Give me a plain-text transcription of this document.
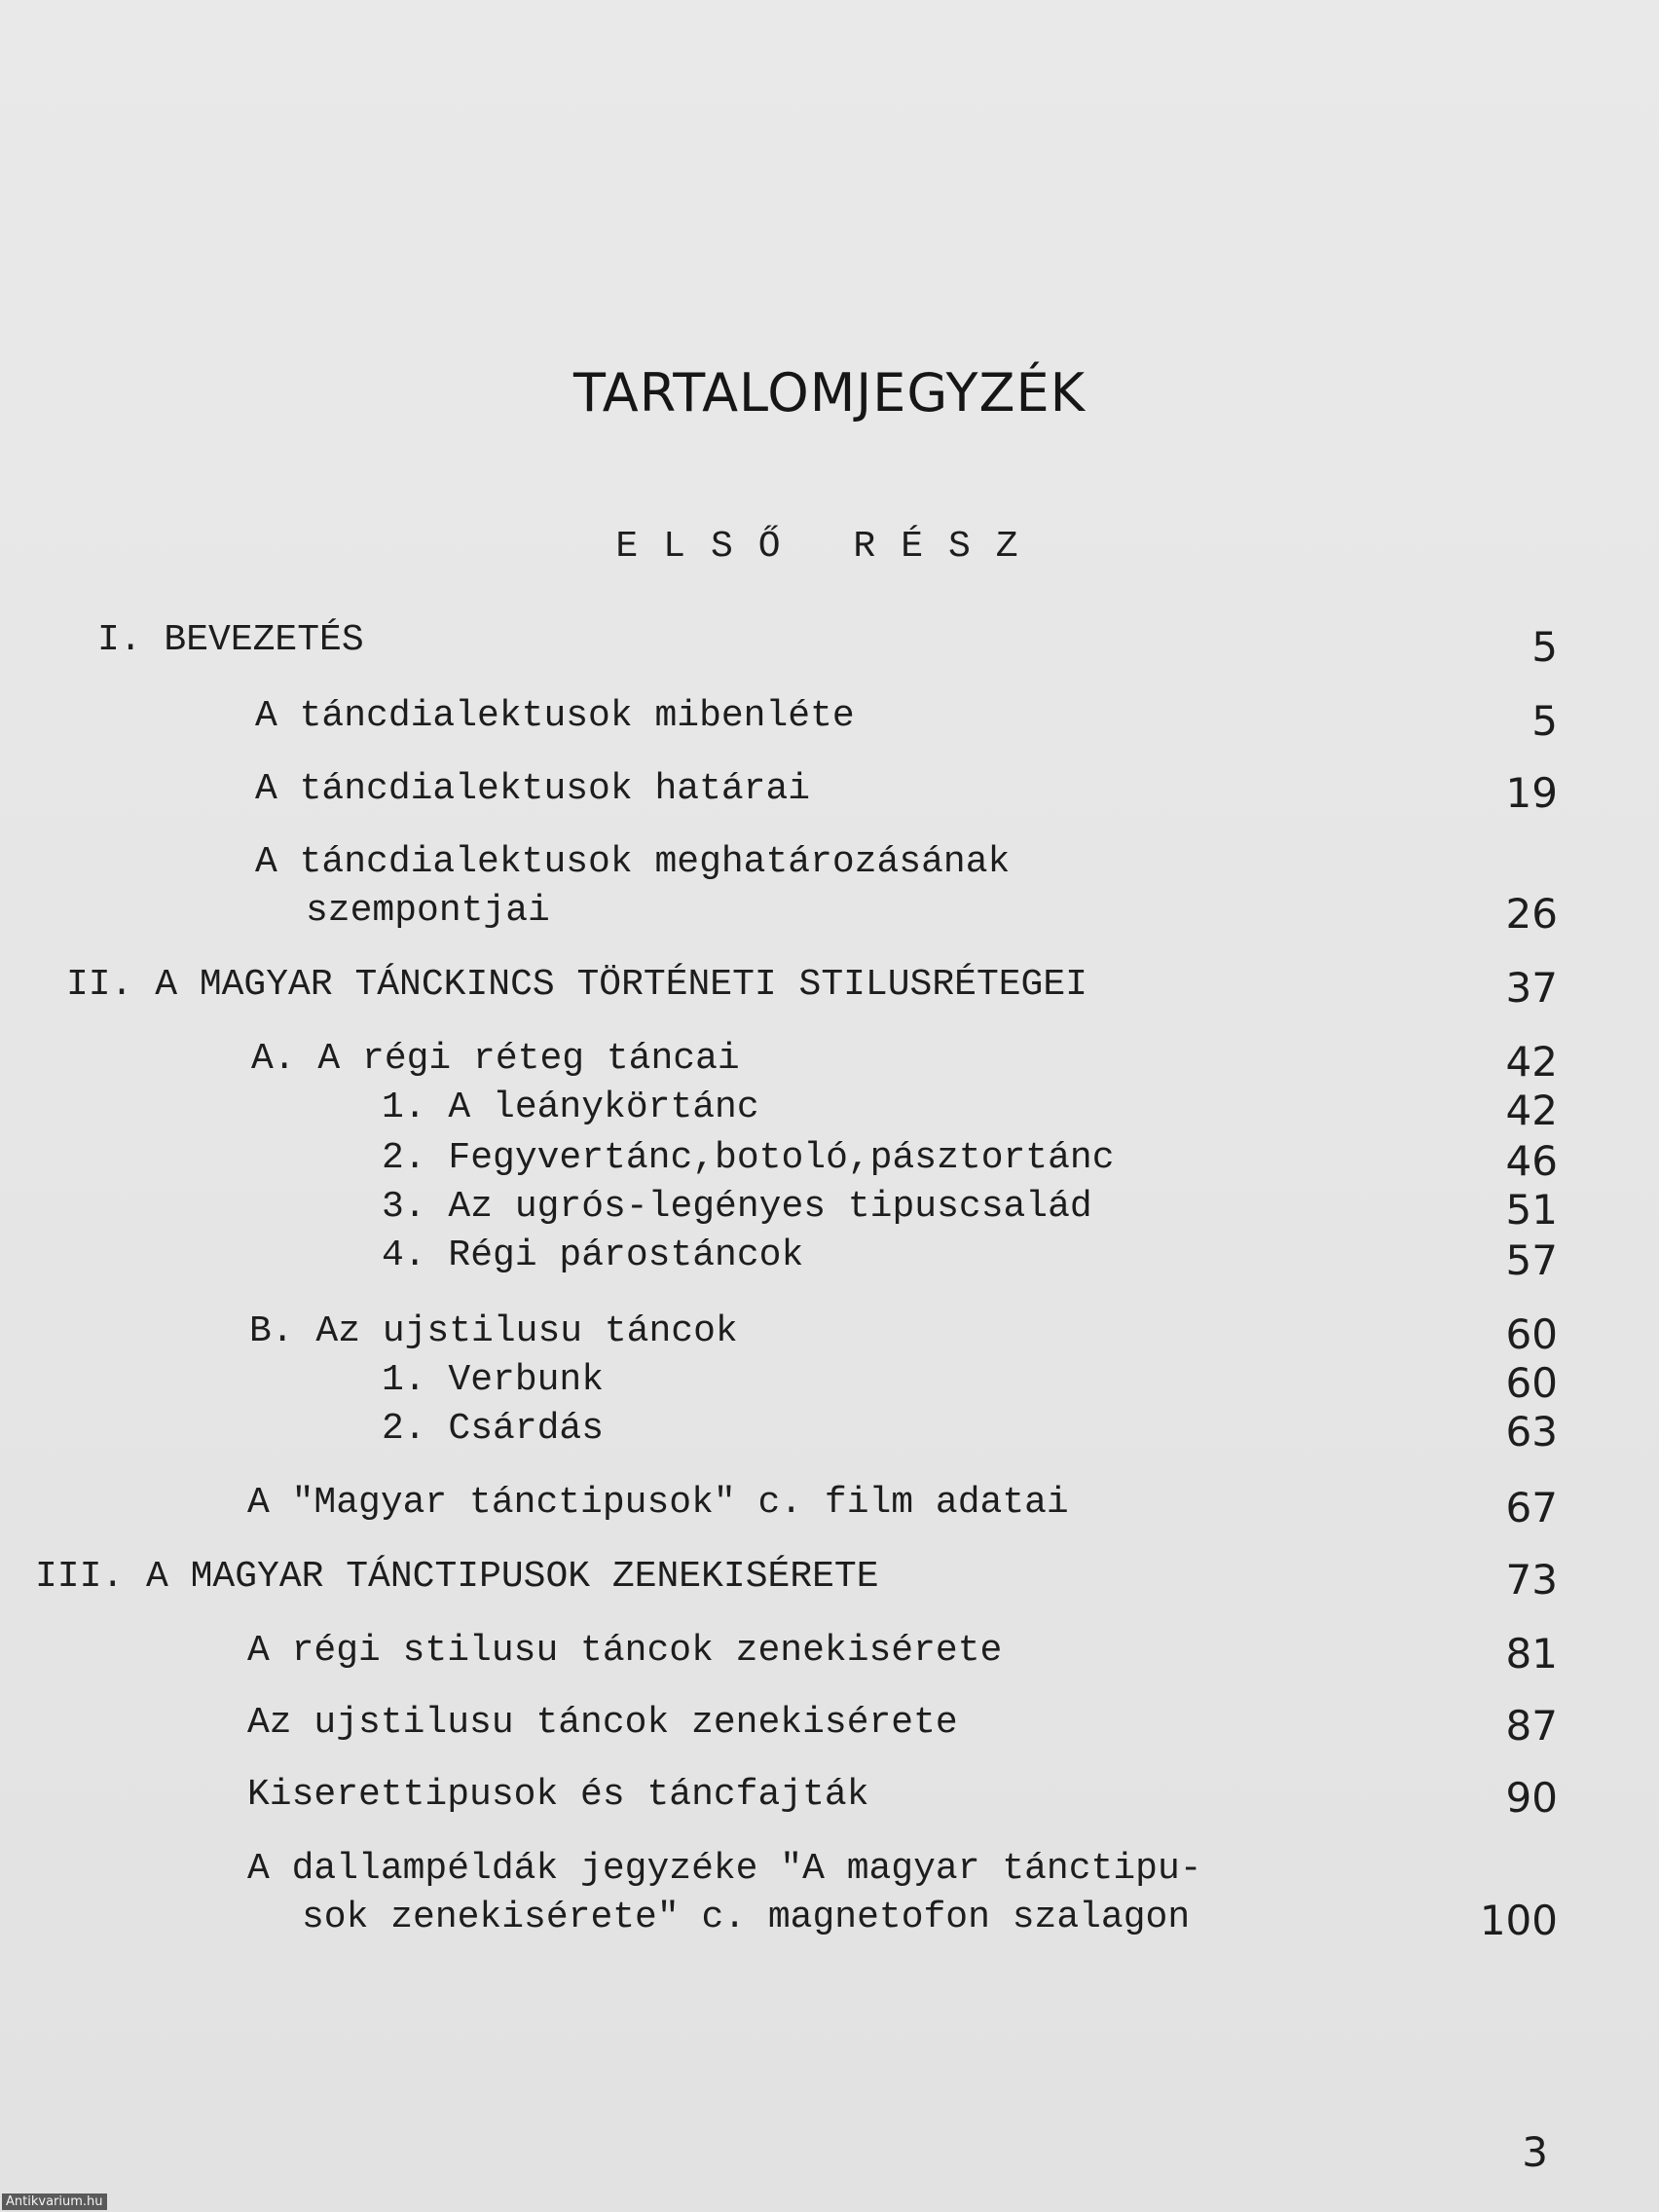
TARTALOMJEGYZÉK
ELSŐ RÉSZ
I. BEVEZETÉS	5
A táncdialektusok mibenléte	5
A táncdialektusok határai	19
A táncdialektusok meghatározásának
szempontjai	26
II. A MAGYAR TÁNCKINCS TÖRTÉNETI STILUSRÉTEGEI	37
A. A régi réteg táncai	42
1. A leánykörtánc	42
2. Fegyvertánc,botoló,pásztortánc	46
3. Az ugrós-legényes tipuscsalád	51
4. Régi párostáncok	57
B. Az ujstilusu táncok	60
1. Verbunk	60
2. Csárdás	63
A "Magyar tánctipusok" c. film adatai	67
III. A MAGYAR TÁNCTIPUSOK ZENEKISÉRETE	73
A régi stilusu táncok zenekisérete	81
Az ujstilusu táncok zenekisérete	87
Kiserettipusok és táncfajták	90
A dallampéldák jegyzéke "A magyar tánctipu-
sok zenekisérete" c. magnetofon szalagon	100
3
Antikvarium.hu
